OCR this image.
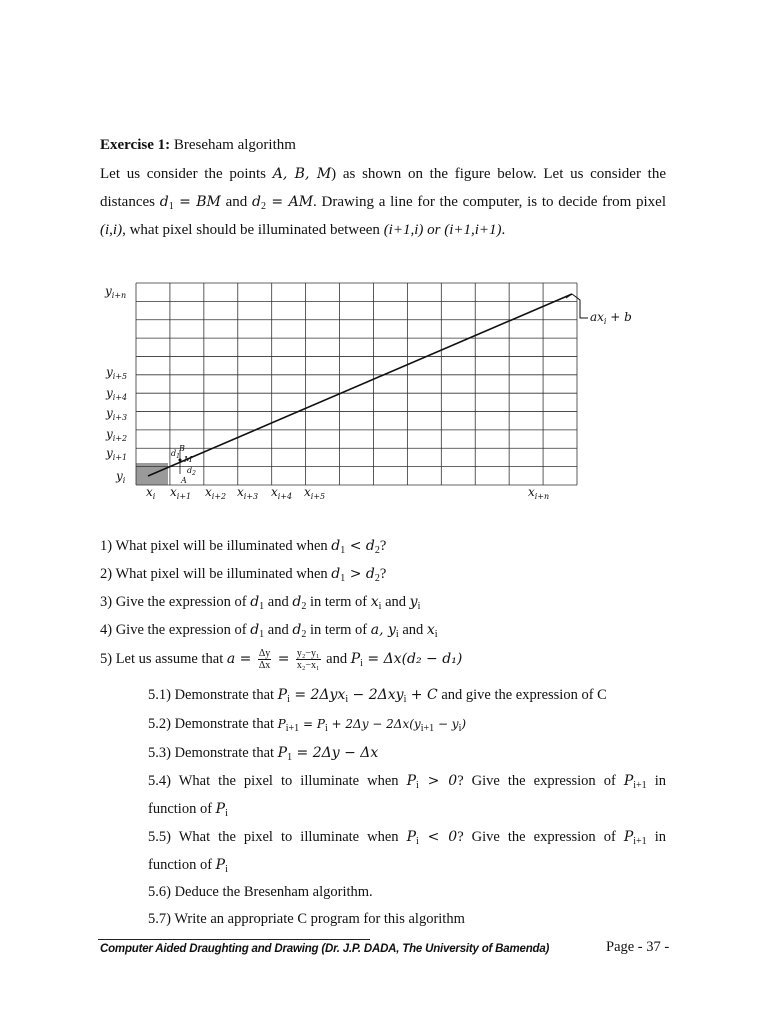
Exercise 1: Breseham algorithm
Let us consider the points A, B, M) as shown on the figure below. Let us consider the
distances $d_1$ = BM and $d_2$ = AM. Drawing a line for the computer, is to decide from pixel
(i,i), what pixel should be illuminated between (i+1,i) or (i+1,i+1).
$ax_i + b$
$y_{i+n}$
$y_{i+5}$
$y_{i+4}$
$y_{i+3}$
$y_{i+2}$
$y_{i+1}$
$y_i$
$x_i$ $x_{i+1}$ $x_{i+2}$ $x_{i+3}$ $x_{i+4}$ $x_{i+5}$	$x_{i+n}$
B
M
A
$d_1$
$d_2$
1) What pixel will be illuminated when $d_1 < d_2$?
2) What pixel will be illuminated when $d_1 > d_2$?
3) Give the expression of $d_1$ and $d_2$ in term of $x_i$ and $y_i$
4) Give the expression of $d_1$ and $d_2$ in term of a, $y_i$ and $x_i$
5) Let us assume that $a = \frac{\Delta y}{\Delta x} = \frac{\text{y₂−y₁}}{\text{x₂−x₁}}$ and $P_i = \Delta x(d_2 - d_1)$
5.1) Demonstrate that $P_i = 2\Delta yx_i - 2\Delta xy_i + C$ and give the expression of C
5.2) Demonstrate that $P_{i+1} = P_i + 2\Delta y - 2\Delta x(y_{i+1} - y_i)$
5.3) Demonstrate that $P_1 = 2\Delta y - \Delta x$
5.4) What the pixel to illuminate when $P_i > 0$? Give the expression of $P_{i+1}$ in
function of $P_i$
5.5) What the pixel to illuminate when $P_i < 0$? Give the expression of $P_{i+1}$ in
function of $P_i$
5.6) Deduce the Bresenham algorithm.
5.7) Write an appropriate C program for this algorithm
Computer Aided Draughting and Drawing (Dr. J.P. DADA, The University of Bamenda)	Page - 37 -
